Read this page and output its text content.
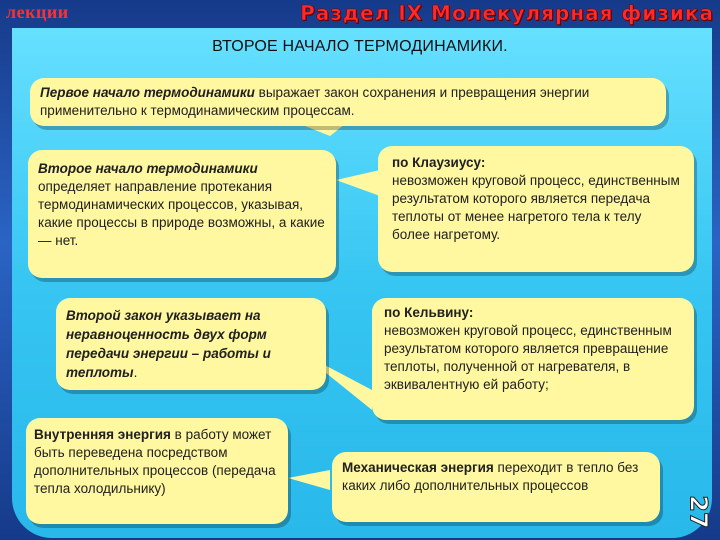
лекции	Раздел IX Молекулярная физика
ВТОРОЕ НАЧАЛО ТЕРМОДИНАМИКИ.
Первое начало термодинамики выражает закон сохранения и превращения энергии применительно к термодинамическим процессам.
Второе начало термодинамики
определяет направление протекания термодинамических процессов, указывая, какие процессы в природе возможны, а какие — нет.
по Клаузиусу:
невозможен круговой процесс, единственным результатом которого является передача теплоты от менее нагретого тела к телу более нагретому.
Второй закон указывает на неравноценность двух форм передачи энергии – работы и теплоты.
по Кельвину:
невозможен круговой процесс, единственным результатом которого является превращение теплоты, полученной от нагревателя, в эквивалентную ей работу;
Внутренняя энергия в работу может быть переведена посредством дополнительных процессов (передача тепла холодильнику)
Механическая энергия переходит в тепло без каких либо дополнительных процессов
27
